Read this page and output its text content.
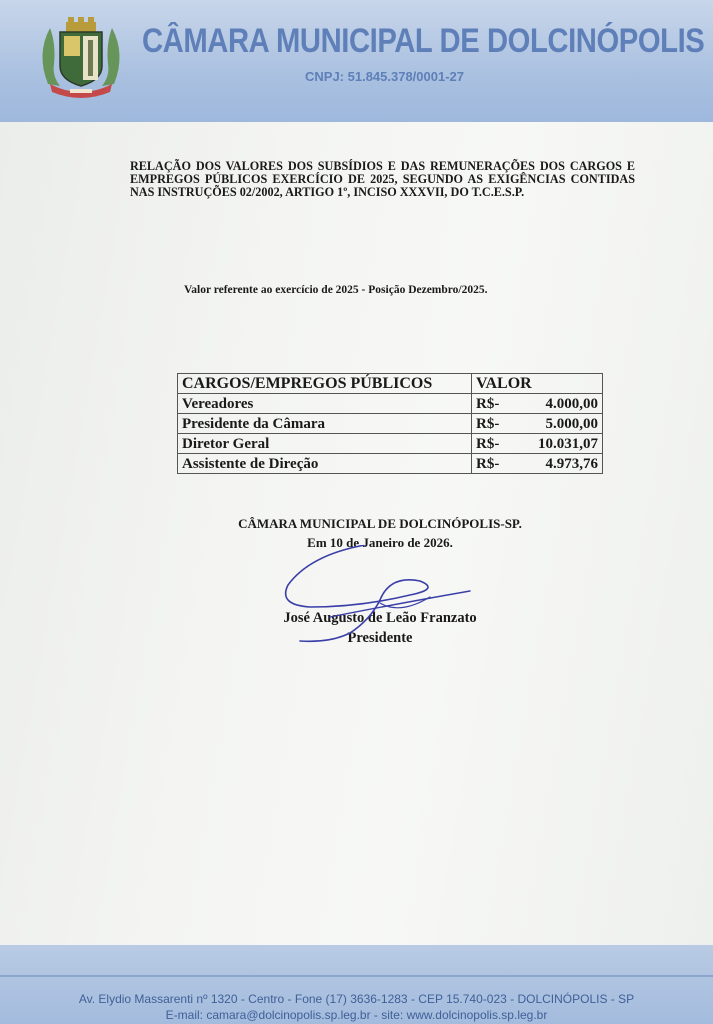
CÂMARA MUNICIPAL DE DOLCINÓPOLIS
CNPJ: 51.845.378/0001-27

RELAÇÃO DOS VALORES DOS SUBSÍDIOS E DAS REMUNERAÇÕES DOS CARGOS E EMPREGOS PÚBLICOS EXERCÍCIO DE 2025, SEGUNDO AS EXIGÊNCIAS CONTIDAS NAS INSTRUÇÕES 02/2002, ARTIGO 1º, INCISO XXXVII, DO T.C.E.S.P.

Valor referente ao exercício de 2025 - Posição Dezembro/2025.
CARGOS/EMPREGOS PÚBLICOS	VALOR
Vereadores	R$- 4.000,00

Presidente da Câmara	R$- 5.000,00

Diretor Geral	R$- 10.031,07

Assistente de Direção	R$- 4.973,76
CÂMARA MUNICIPAL DE DOLCINÓPOLIS-SP.
Em 10 de Janeiro de 2026.
José Augusto de Leão Franzato
Presidente
Av. Elydio Massarenti nº 1320 - Centro - Fone (17) 3636-1283 - CEP 15.740-023 - DOLCINÓPOLIS - SP
E-mail: camara@dolcinopolis.sp.leg.br - site: www.dolcinopolis.sp.leg.br
